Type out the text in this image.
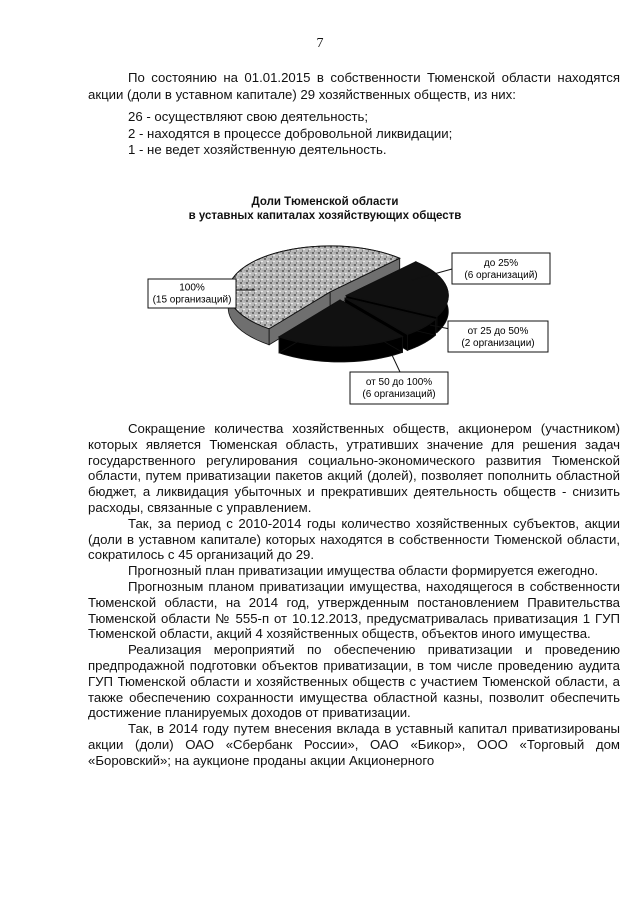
7

По состоянию на 01.01.2015 в собственности Тюменской области находятся акции (доли в уставном капитале) 29 хозяйственных обществ, из них:

26 - осуществляют свою деятельность;
2 - находятся в процессе добровольной ликвидации;
1 - не ведет хозяйственную деятельность.
Доли Тюменской области
в уставных капиталах хозяйствующих обществ
100%
(15 организаций)
до 25%
(6 организаций)
от 25 до 50%
(2 организации)
от 50 до 100%
(6 организаций)

Сокращение количества хозяйственных обществ, акционером (участником) которых является Тюменская область, утративших значение для решения задач государственного регулирования социально-экономического развития Тюменской области, путем приватизации пакетов акций (долей), позволяет пополнить областной бюджет, а ликвидация убыточных и прекративших деятельность обществ - снизить расходы, связанные с управлением.

Так, за период с 2010-2014 годы количество хозяйственных субъектов, акции (доли в уставном капитале) которых находятся в собственности Тюменской области, сократилось с 45 организаций до 29.

Прогнозный план приватизации имущества области формируется ежегодно.

Прогнозным планом приватизации имущества, находящегося в собственности Тюменской области, на 2014 год, утвержденным постановлением Правительства Тюменской области № 555-п от 10.12.2013, предусматривалась приватизация 1 ГУП Тюменской области, акций 4 хозяйственных обществ, объектов иного имущества.

Реализация мероприятий по обеспечению приватизации и проведению предпродажной подготовки объектов приватизации, в том числе проведению аудита ГУП Тюменской области и хозяйственных обществ с участием Тюменской области, а также обеспечению сохранности имущества областной казны, позволит обеспечить достижение планируемых доходов от приватизации.

Так, в 2014 году путем внесения вклада в уставный капитал приватизированы акции (доли) ОАО «Сбербанк России», ОАО «Бикор», ООО «Торговый дом «Боровский»; на аукционе проданы акции Акционерного
